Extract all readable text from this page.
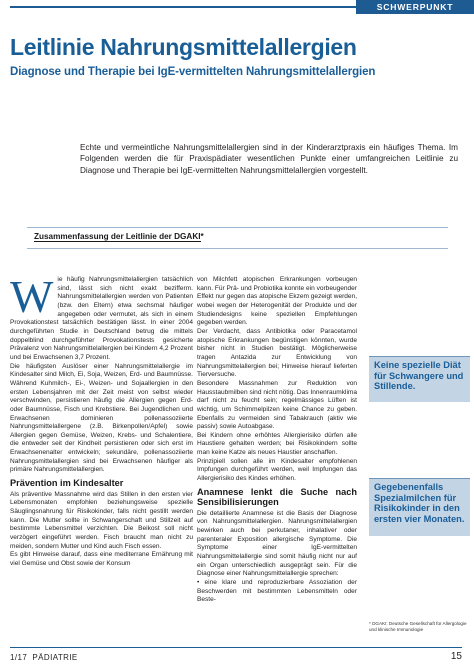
SCHWERPUNKT
Leitlinie Nahrungsmittelallergien
Diagnose und Therapie bei IgE-vermittelten Nahrungsmittelallergien

Echte und vermeintliche Nahrungsmittelallergien sind in der Kinderarztpraxis ein häufiges Thema. Im Folgenden werden die für Praxispädiater wesentlichen Punkte einer umfangreichen Leitlinie zu Diagnose und Therapie bei IgE-vermittelten Nahrungsmittelallergien vorgestellt.

Zusammenfassung der Leitlinie der DGAKI*
W ie häufig Nahrungsmittelallergien tatsächlich sind, lässt sich nicht exakt bezifferm. Nahrungsmittelallergien werden von Patienten (bzw. den Eltern) etwa sechsmal häufiger angegeben oder vermutet, als sich in einem Provokationstest tatsächlich bestätigen lässt. In einer 2004 durchgeführten Studie in Deutschland betrug die mittels doppelblind durchgeführter Provokationstests gesicherte Prävalenz von Nahrungsmittelallergien bei Kindern 4,2 Prozent und bei Erwachsenen 3,7 Prozent.

Die häufigsten Auslöser einer Nahrungsmittelallergie im Kindesalter sind Milch, Ei, Soja, Weizen, Erd- und Baumnüsse. Während Kuhmilch-, Ei-, Weizen- und Sojaallergien in den ersten Lebensjahren mit der Zeit meist von selbst wieder verschwinden, persistieren häufig die Allergien gegen Erd- oder Baumnüsse, Fisch und Krebstiere. Bei Jugendlichen und Erwachsenen dominieren pollenassoziierte Nahrungsmittelallergene (z.B. Birkenpollen/Apfel) sowie Allergien gegen Gemüse, Weizen, Krebs- und Schalentiere, die entweder seit der Kindheit persistieren oder sich erst im Erwachsenenalter entwickeln; sekundäre, pollenassoziierte Nahrungsmittelallergien sind bei Erwachsenen häufiger als primäre Nahrungsmittelallergien.

Prävention im Kindesalter

Als präventive Massnahme wird das Stillen in den ersten vier Lebensmonaten empfohlen beziehungsweise spezielle Säuglingsnahrung für Risikokinder, falls nicht gestillt werden kann. Die Mutter sollte in Schwangerschaft und Stillzeit auf bestimmte Lebensmittel verzichten. Die Beikost soll nicht verzögert eingeführt werden. Fisch braucht man nicht zu meiden, sondern Mutter und Kind auch Fisch essen.

Es gibt Hinweise darauf, dass eine mediterrane Ernährung mit viel Gemüse und Obst sowie der Konsum

von Milchfett atopischen Erkrankungen vorbeugen kann. Für Prä- und Probiotika konnte ein vorbeugender Effekt nur gegen das atopische Ekzem gezeigt werden, wobei wegen der Heterogenität der Produkte und der Studiendesigns keine speziellen Empfehlungen gegeben werden.

Der Verdacht, dass Antibiotika oder Paracetamol atopische Erkrankungen begünstigen könnten, wurde bisher nicht in Studien bestätigt. Möglicherweise tragen Antazida zur Entwicklung von Nahrungsmittelallergien bei; Hinweise hierauf lieferten Tierversuche.

Besondere Massnahmen zur Reduktion von Hausstaubmilben sind nicht nötig. Das Innenraumklima darf nicht zu feucht sein; regelmässiges Lüften ist wichtig, um Schimmelpilzen keine Chance zu geben. Ebenfalls zu vermeiden sind Tabakrauch (aktiv wie passiv) sowie Autoabgase.

Bei Kindern ohne erhöhtes Allergierisiko dürfen alle Haustiere gehalten werden; bei Risikokindern sollte man keine Katze als neues Haustier anschaffen.

Prinzipiell sollen alle im Kindesalter empfohlenen Impfungen durchgeführt werden, weil Impfungen das Allergierisiko des Kindes erhöhen.

Anamnese lenkt die Suche nach Sensibilisierungen

Die detaillierte Anamnese ist die Basis der Diagnose von Nahrungsmittelallergien. Nahrungsmittelallergien bewirken auch bei perkutaner, inhalativer oder parenteraler Exposition allergische Symptome. Die Symptome einer IgE-vermittelten Nahrungsmittelallergie sind somit häufig nicht nur auf ein Organ unterschiedlich ausgeprägt sein. Für die Diagnose einer Nahrungsmittelallergie sprechen:

• eine klare und reproduzierbare Assoziation der Beschwerden mit bestimmten Lebensmitteln oder Beste-

Keine spezielle Diät für Schwangere und Stillende.
Gegebenenfalls Spezialmilchen für Risikokinder in den ersten vier Monaten.
* DGAKI: Deutsche Gesellschaft für Allergologie und klinische Immunologie
1/17 PÄDIATRIE	15
